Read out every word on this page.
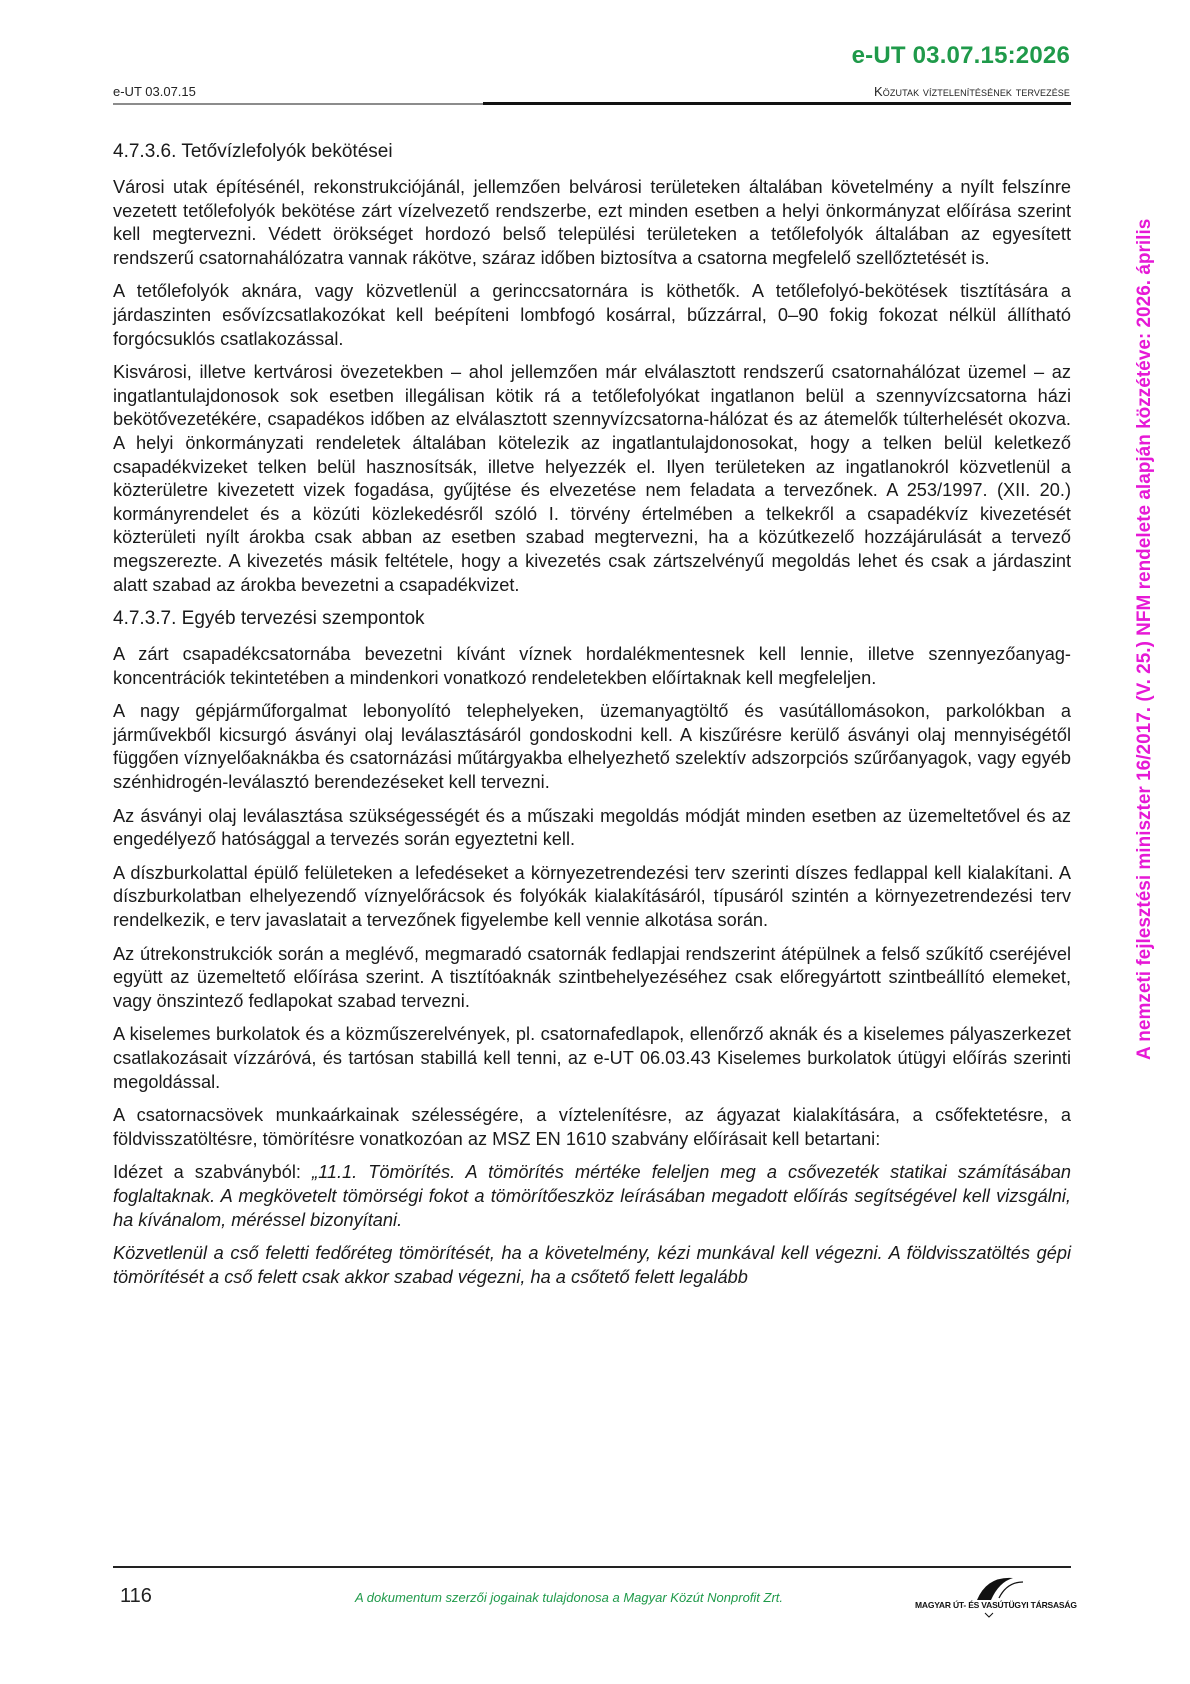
e-UT 03.07.15:2026
e-UT 03.07.15	Közutak víztelenítésének tervezése
4.7.3.6. Tetővízlefolyók bekötései

Városi utak építésénél, rekonstrukciójánál, jellemzően belvárosi területeken általában követelmény a nyílt felszínre vezetett tetőlefolyók bekötése zárt vízelvezető rendszerbe, ezt minden esetben a helyi önkormányzat előírása szerint kell megtervezni. Védett örökséget hordozó belső települési területeken a tetőlefolyók általában az egyesített rendszerű csatornahálózatra vannak rákötve, száraz időben biztosítva a csatorna megfelelő szellőztetését is.

A tetőlefolyók aknára, vagy közvetlenül a gerinccsatornára is köthetők. A tetőlefolyó-bekötések tisztítására a járdaszinten esővízcsatlakozókat kell beépíteni lombfogó kosárral, bűzzárral, 0–90 fokig fokozat nélkül állítható forgócsuklós csatlakozással.

Kisvárosi, illetve kertvárosi övezetekben – ahol jellemzően már elválasztott rendszerű csatornahálózat üzemel – az ingatlantulajdonosok sok esetben illegálisan kötik rá a tetőlefolyókat ingatlanon belül a szennyvízcsatorna házi bekötővezetékére, csapadékos időben az elválasztott szennyvízcsatorna-hálózat és az átemelők túlterhelését okozva. A helyi önkormányzati rendeletek általában kötelezik az ingatlantulajdonosokat, hogy a telken belül keletkező csapadékvizeket telken belül hasznosítsák, illetve helyezzék el. Ilyen területeken az ingatlanokról közvetlenül a közterületre kivezetett vizek fogadása, gyűjtése és elvezetése nem feladata a tervezőnek. A 253/1997. (XII. 20.) kormányrendelet és a közúti közlekedésről szóló I. törvény értelmében a telkekről a csapadékvíz kivezetését közterületi nyílt árokba csak abban az esetben szabad megtervezni, ha a közútkezelő hozzájárulását a tervező megszerezte. A kivezetés másik feltétele, hogy a kivezetés csak zártszelvényű megoldás lehet és csak a járdaszint alatt szabad az árokba bevezetni a csapadékvizet.

4.7.3.7. Egyéb tervezési szempontok

A zárt csapadékcsatornába bevezetni kívánt víznek hordalékmentesnek kell lennie, illetve szennyezőanyag-koncentrációk tekintetében a mindenkori vonatkozó rendeletekben előírtaknak kell megfeleljen.

A nagy gépjárműforgalmat lebonyolító telephelyeken, üzemanyagtöltő és vasútállomásokon, parkolókban a járművekből kicsurgó ásványi olaj leválasztásáról gondoskodni kell. A kiszűrésre kerülő ásványi olaj mennyiségétől függően víznyelőaknákba és csatornázási műtárgyakba elhelyezhető szelektív adszorpciós szűrőanyagok, vagy egyéb szénhidrogén-leválasztó berendezéseket kell tervezni.

Az ásványi olaj leválasztása szükségességét és a műszaki megoldás módját minden esetben az üzemeltetővel és az engedélyező hatósággal a tervezés során egyeztetni kell.

A díszburkolattal épülő felületeken a lefedéseket a környezetrendezési terv szerinti díszes fedlappal kell kialakítani. A díszburkolatban elhelyezendő víznyelőrácsok és folyókák kialakításáról, típusáról szintén a környezetrendezési terv rendelkezik, e terv javaslatait a tervezőnek figyelembe kell vennie alkotása során.

Az útrekonstrukciók során a meglévő, megmaradó csatornák fedlapjai rendszerint átépülnek a felső szűkítő cseréjével együtt az üzemeltető előírása szerint. A tisztítóaknák szintbehelyezéséhez csak előregyártott szintbeállító elemeket, vagy önszintező fedlapokat szabad tervezni.

A kiselemes burkolatok és a közműszerelvények, pl. csatornafedlapok, ellenőrző aknák és a kiselemes pályaszerkezet csatlakozásait vízzáróvá, és tartósan stabillá kell tenni, az e-UT 06.03.43 Kiselemes burkolatok útügyi előírás szerinti megoldással.

A csatornacsövek munkaárkainak szélességére, a víztelenítésre, az ágyazat kialakítására, a csőfektetésre, a földvisszatöltésre, tömörítésre vonatkozóan az MSZ EN 1610 szabvány előírásait kell betartani:

Idézet a szabványból: „11.1. Tömörítés. A tömörítés mértéke feleljen meg a csővezeték statikai számításában foglaltaknak. A megkövetelt tömörségi fokot a tömörítőeszköz leírásában megadott előírás segítségével kell vizsgálni, ha kívánalom, méréssel bizonyítani.

Közvetlenül a cső feletti fedőréteg tömörítését, ha a követelmény, kézi munkával kell végezni. A földvisszatöltés gépi tömörítését a cső felett csak akkor szabad végezni, ha a csőtető felett legalább

A nemzeti fejlesztési miniszter 16/2017. (V. 25.) NFM rendelete alapján közzétéve: 2026. április
116	A dokumentum szerzői jogainak tulajdonosa a Magyar Közút Nonprofit Zrt.	MAGYAR ÚT- ÉS VASÚTÜGYI TÁRSASÁG
